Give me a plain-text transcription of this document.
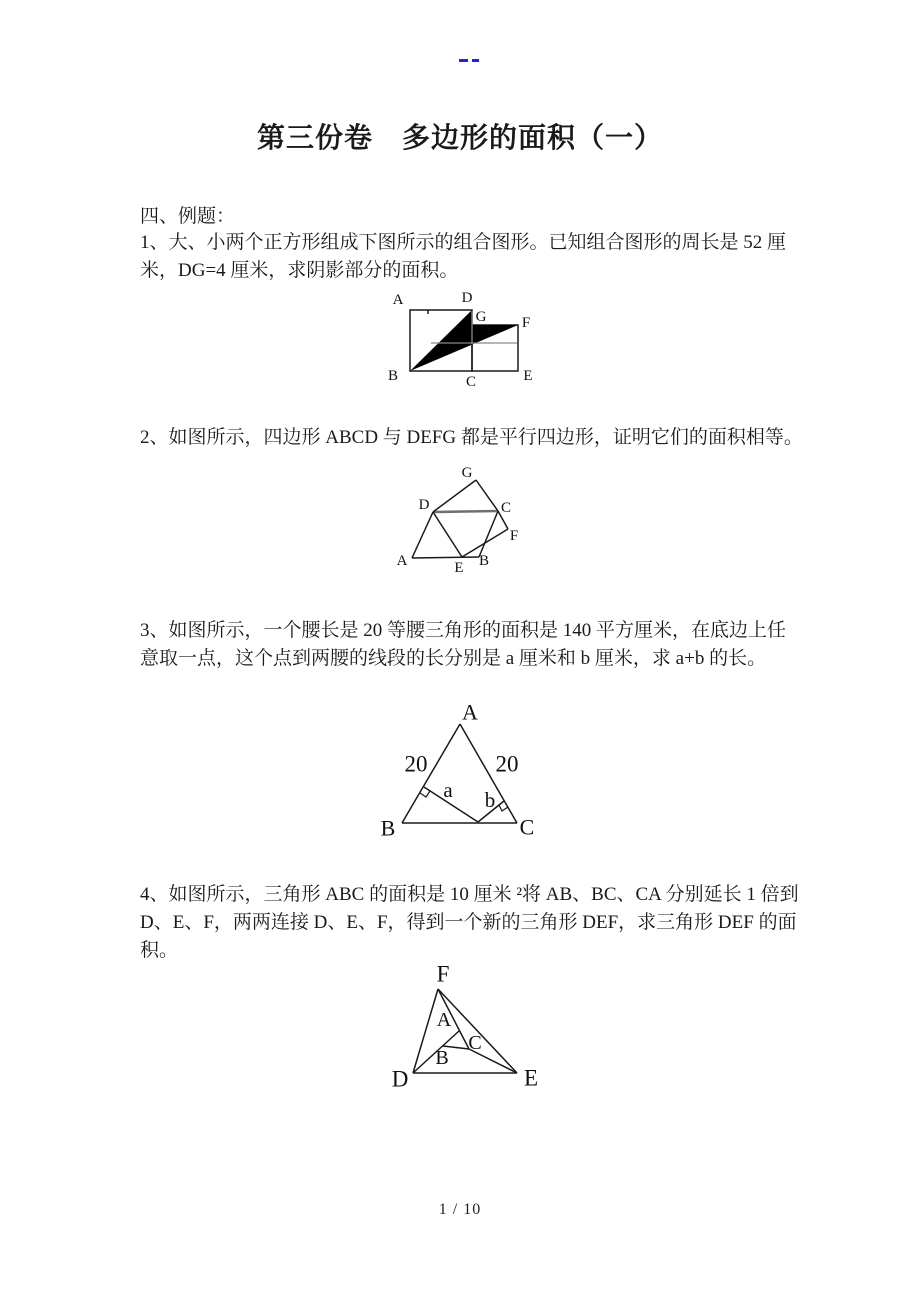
第三份卷　多边形的面积（一）
四、例题：
1、大、小两个正方形组成下图所示的组合图形。已知组合图形的周长是 52 厘
米，DG=4 厘米，求阴影部分的面积。
A	D
G F
B	C	E
2、如图所示，四边形 ABCD 与 DEFG 都是平行四边形，证明它们的面积相等。
G
D	C
F
A	E B
3、如图所示，一个腰长是 20 等腰三角形的面积是 140 平方厘米，在底边上任
意取一点，这个点到两腰的线段的长分别是 a 厘米和 b 厘米，求 a+b 的长。
A
B	C
20	20
a b
4、如图所示，三角形 ABC 的面积是 10 厘米 ²将 AB、BC、CA 分别延长 1 倍到
D、E、F，两两连接 D、E、F，得到一个新的三角形 DEF，求三角形 DEF 的面积。
F
A
B
C
D	E
1 / 10
